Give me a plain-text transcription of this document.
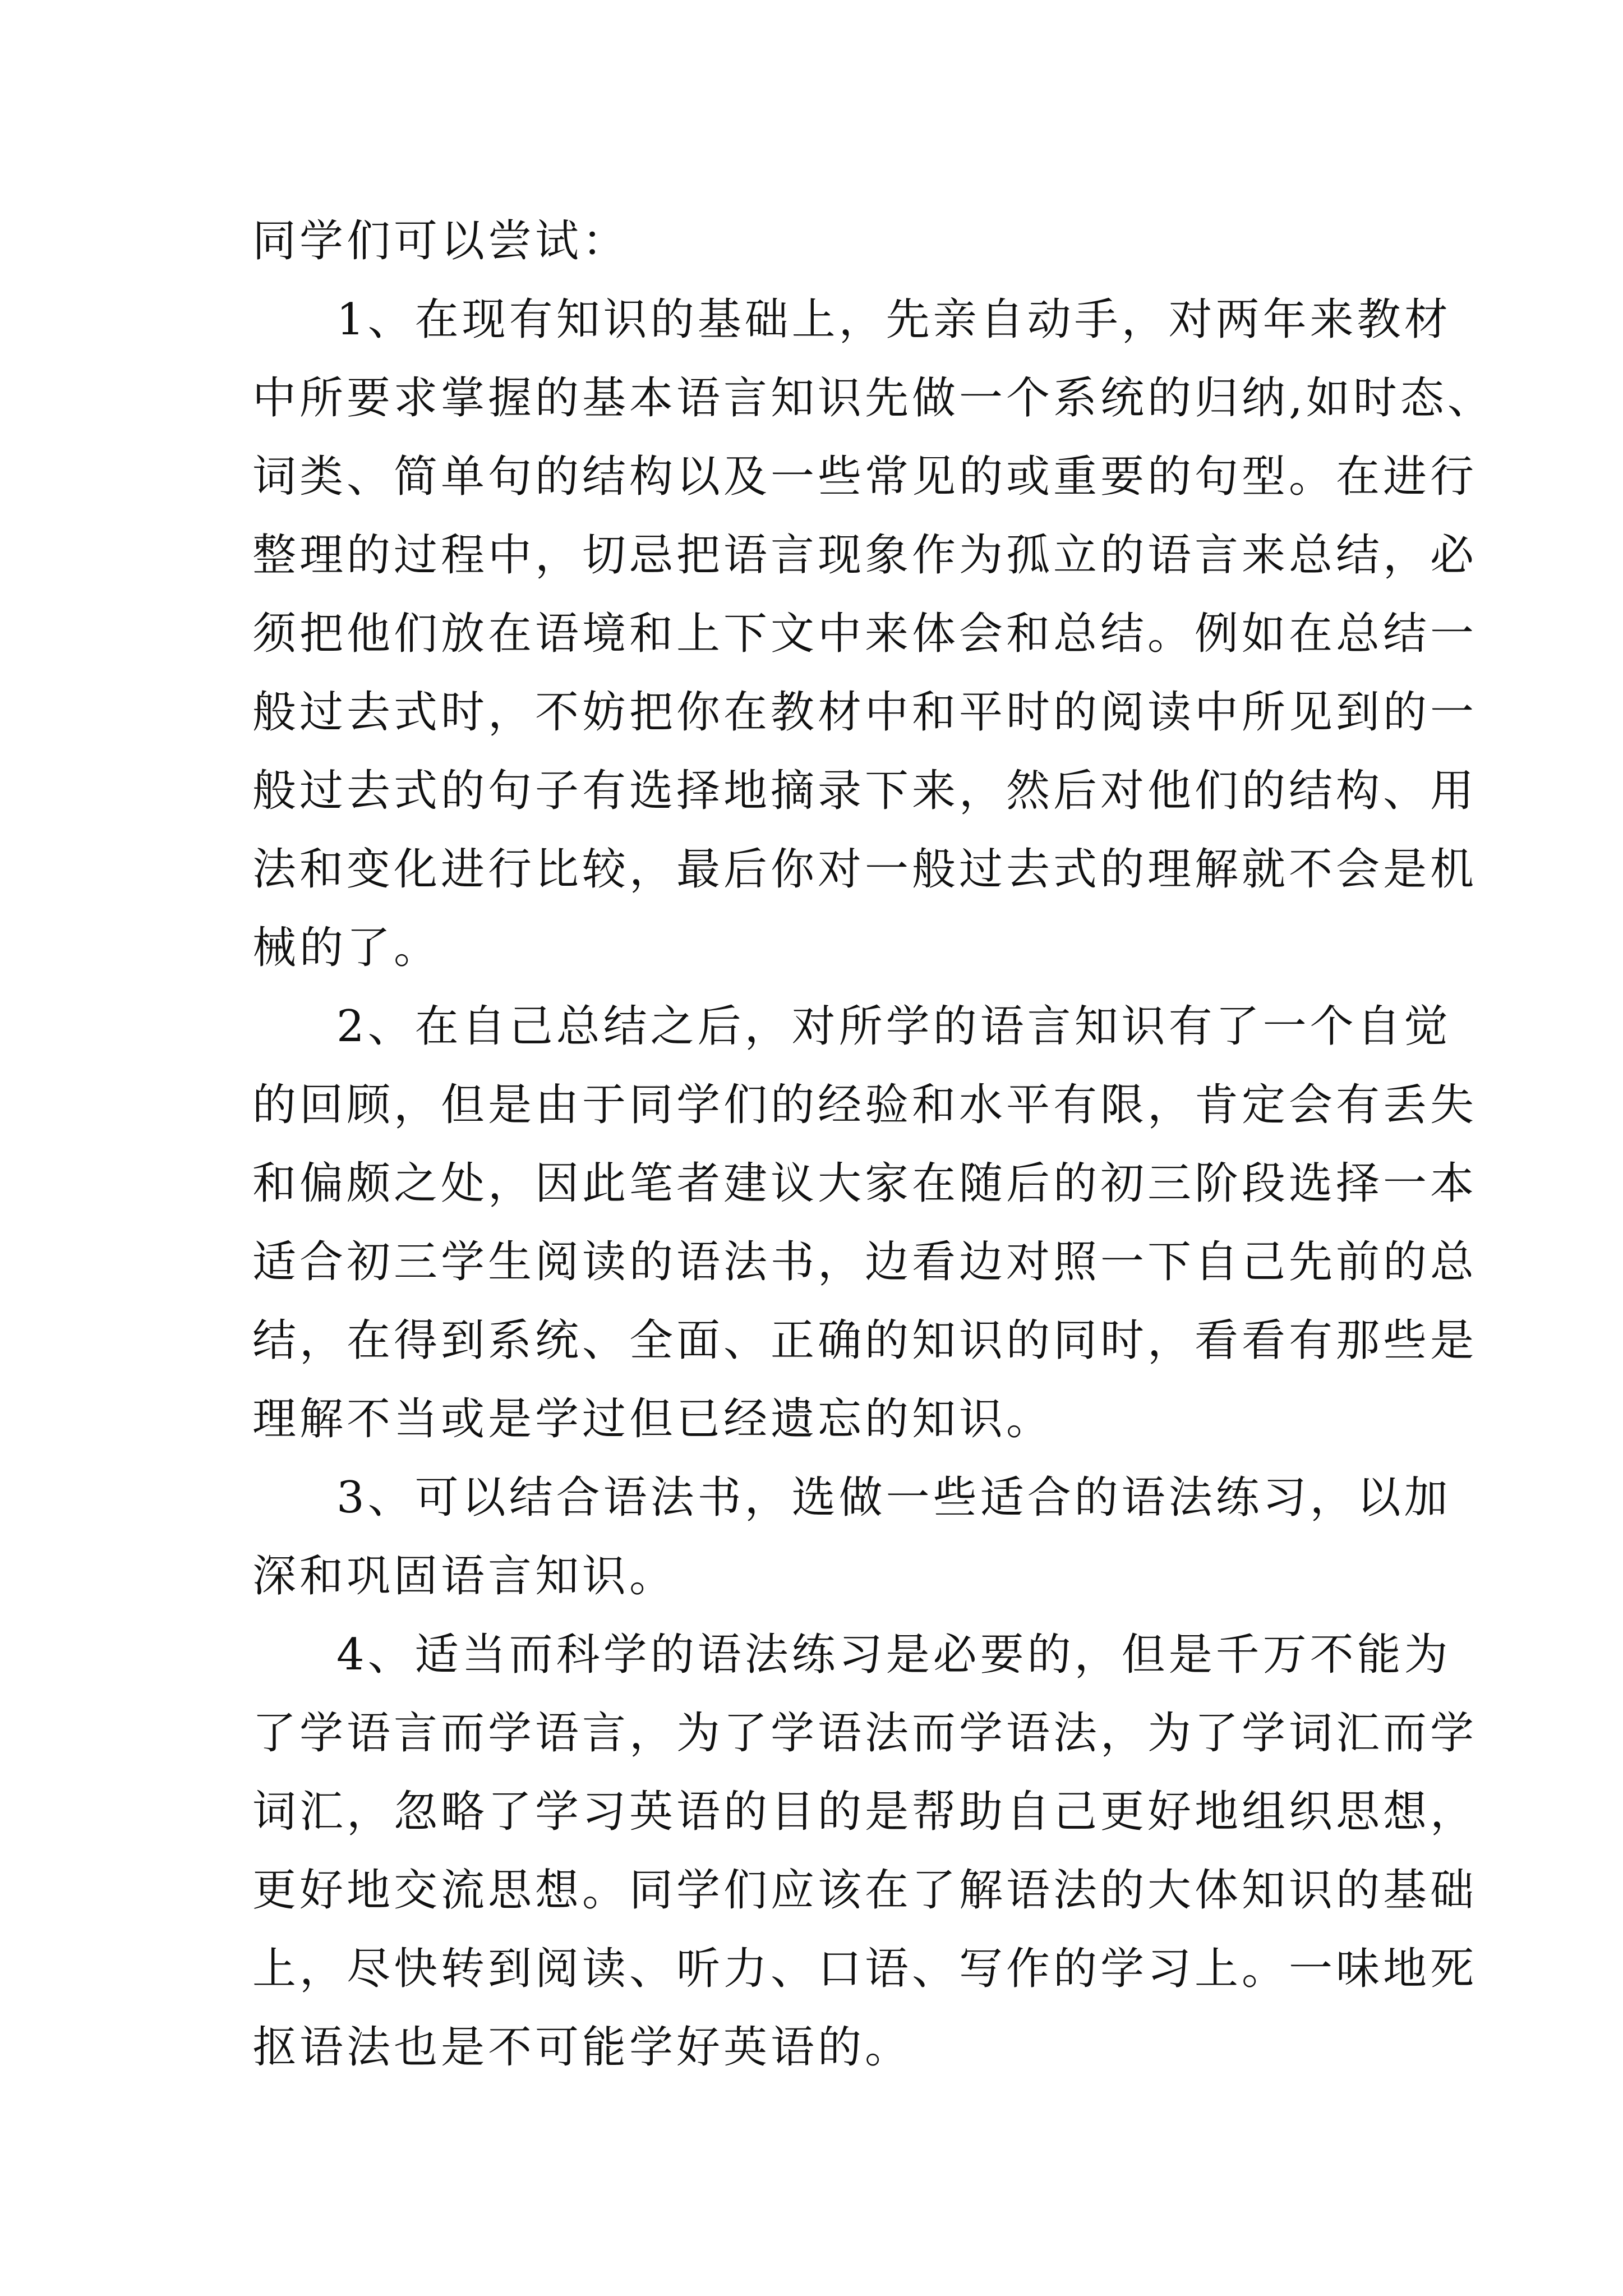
同学们可以尝试：
1、在现有知识的基础上，先亲自动手，对两年来教材
中所要求掌握的基本语言知识先做一个系统的归纳,如时态、
词类、简单句的结构以及一些常见的或重要的句型。在进行
整理的过程中，切忌把语言现象作为孤立的语言来总结，必
须把他们放在语境和上下文中来体会和总结。例如在总结一
般过去式时，不妨把你在教材中和平时的阅读中所见到的一
般过去式的句子有选择地摘录下来，然后对他们的结构、用
法和变化进行比较，最后你对一般过去式的理解就不会是机
械的了。
2、在自己总结之后，对所学的语言知识有了一个自觉
的回顾，但是由于同学们的经验和水平有限，肯定会有丢失
和偏颇之处，因此笔者建议大家在随后的初三阶段选择一本
适合初三学生阅读的语法书，边看边对照一下自己先前的总
结，在得到系统、全面、正确的知识的同时，看看有那些是
理解不当或是学过但已经遗忘的知识。
3、可以结合语法书，选做一些适合的语法练习，以加
深和巩固语言知识。
4、适当而科学的语法练习是必要的，但是千万不能为
了学语言而学语言，为了学语法而学语法，为了学词汇而学
词汇，忽略了学习英语的目的是帮助自己更好地组织思想，
更好地交流思想。同学们应该在了解语法的大体知识的基础
上，尽快转到阅读、听力、口语、写作的学习上。一味地死
抠语法也是不可能学好英语的。
